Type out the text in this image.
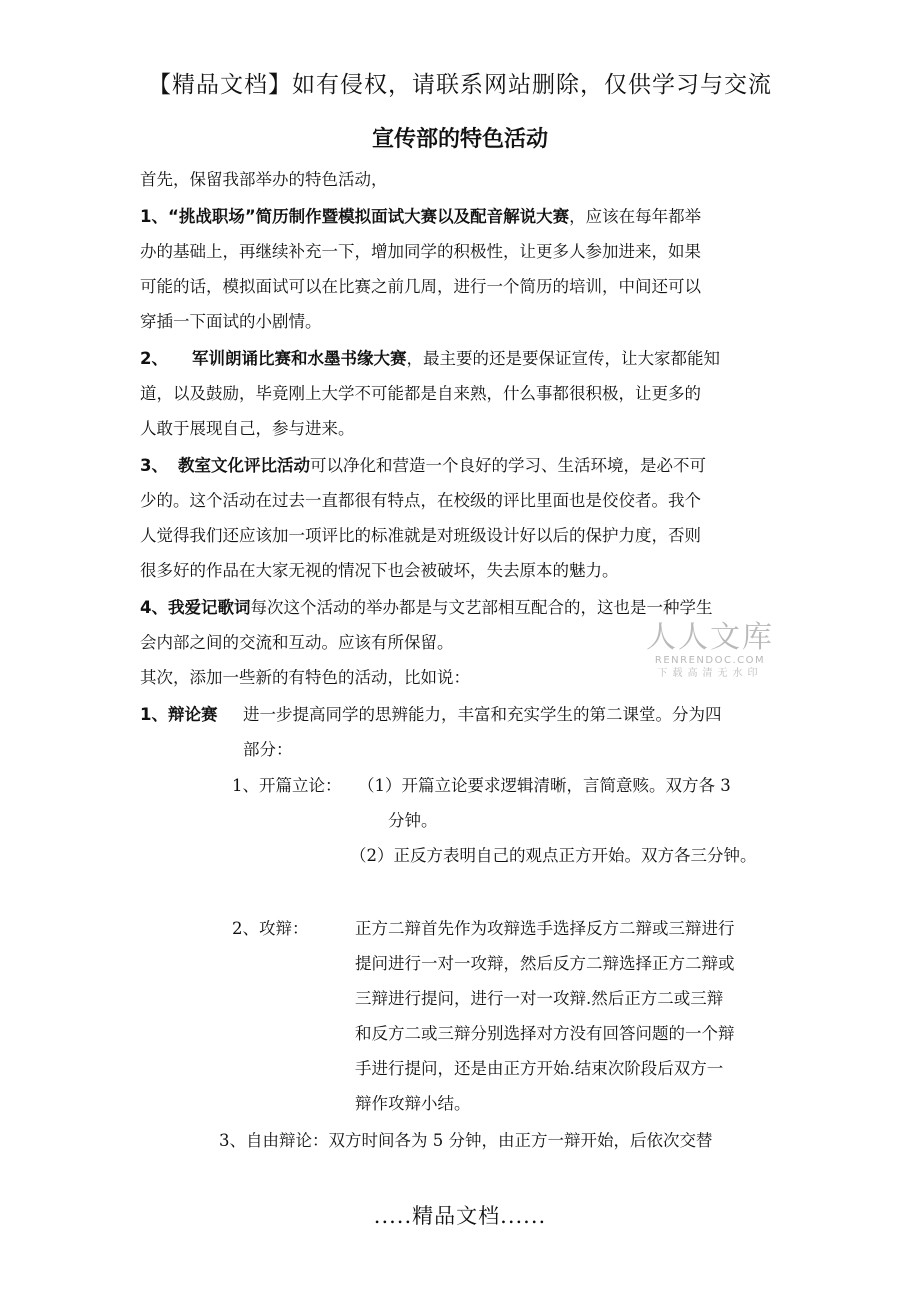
【精品文档】如有侵权，请联系网站删除，仅供学习与交流
宣传部的特色活动
首先，保留我部举办的特色活动，
1、“挑战职场”简历制作暨模拟面试大赛以及配音解说大赛，应该在每年都举
办的基础上，再继续补充一下，增加同学的积极性，让更多人参加进来，如果
可能的话，模拟面试可以在比赛之前几周，进行一个简历的培训，中间还可以
穿插一下面试的小剧情。
2、 军训朗诵比赛和水墨书缘大赛，最主要的还是要保证宣传，让大家都能知
道，以及鼓励，毕竟刚上大学不可能都是自来熟，什么事都很积极，让更多的
人敢于展现自己，参与进来。
3、 教室文化评比活动可以净化和营造一个良好的学习、生活环境，是必不可
少的。这个活动在过去一直都很有特点，在校级的评比里面也是佼佼者。我个
人觉得我们还应该加一项评比的标准就是对班级设计好以后的保护力度，否则
很多好的作品在大家无视的情况下也会被破坏，失去原本的魅力。
4、我爱记歌词每次这个活动的举办都是与文艺部相互配合的，这也是一种学生
会内部之间的交流和互动。应该有所保留。
其次，添加一些新的有特色的活动，比如说：
1、辩论赛 进一步提高同学的思辨能力，丰富和充实学生的第二课堂。分为四
部分：
1、开篇立论： （1）开篇立论要求逻辑清晰，言简意赅。双方各 3
分钟。
（2）正反方表明自己的观点正方开始。双方各三分钟。
2、攻辩：	正方二辩首先作为攻辩选手选择反方二辩或三辩进行
提问进行一对一攻辩，然后反方二辩选择正方二辩或
三辩进行提问，进行一对一攻辩.然后正方二或三辩
和反方二或三辩分别选择对方没有回答问题的一个辩
手进行提问，还是由正方开始.结束次阶段后双方一
辩作攻辩小结。
3、自由辩论：双方时间各为 5 分钟，由正方一辩开始，后依次交替
人人文库
RENRENDOC.COM
下载高清无水印
.....精品文档......
